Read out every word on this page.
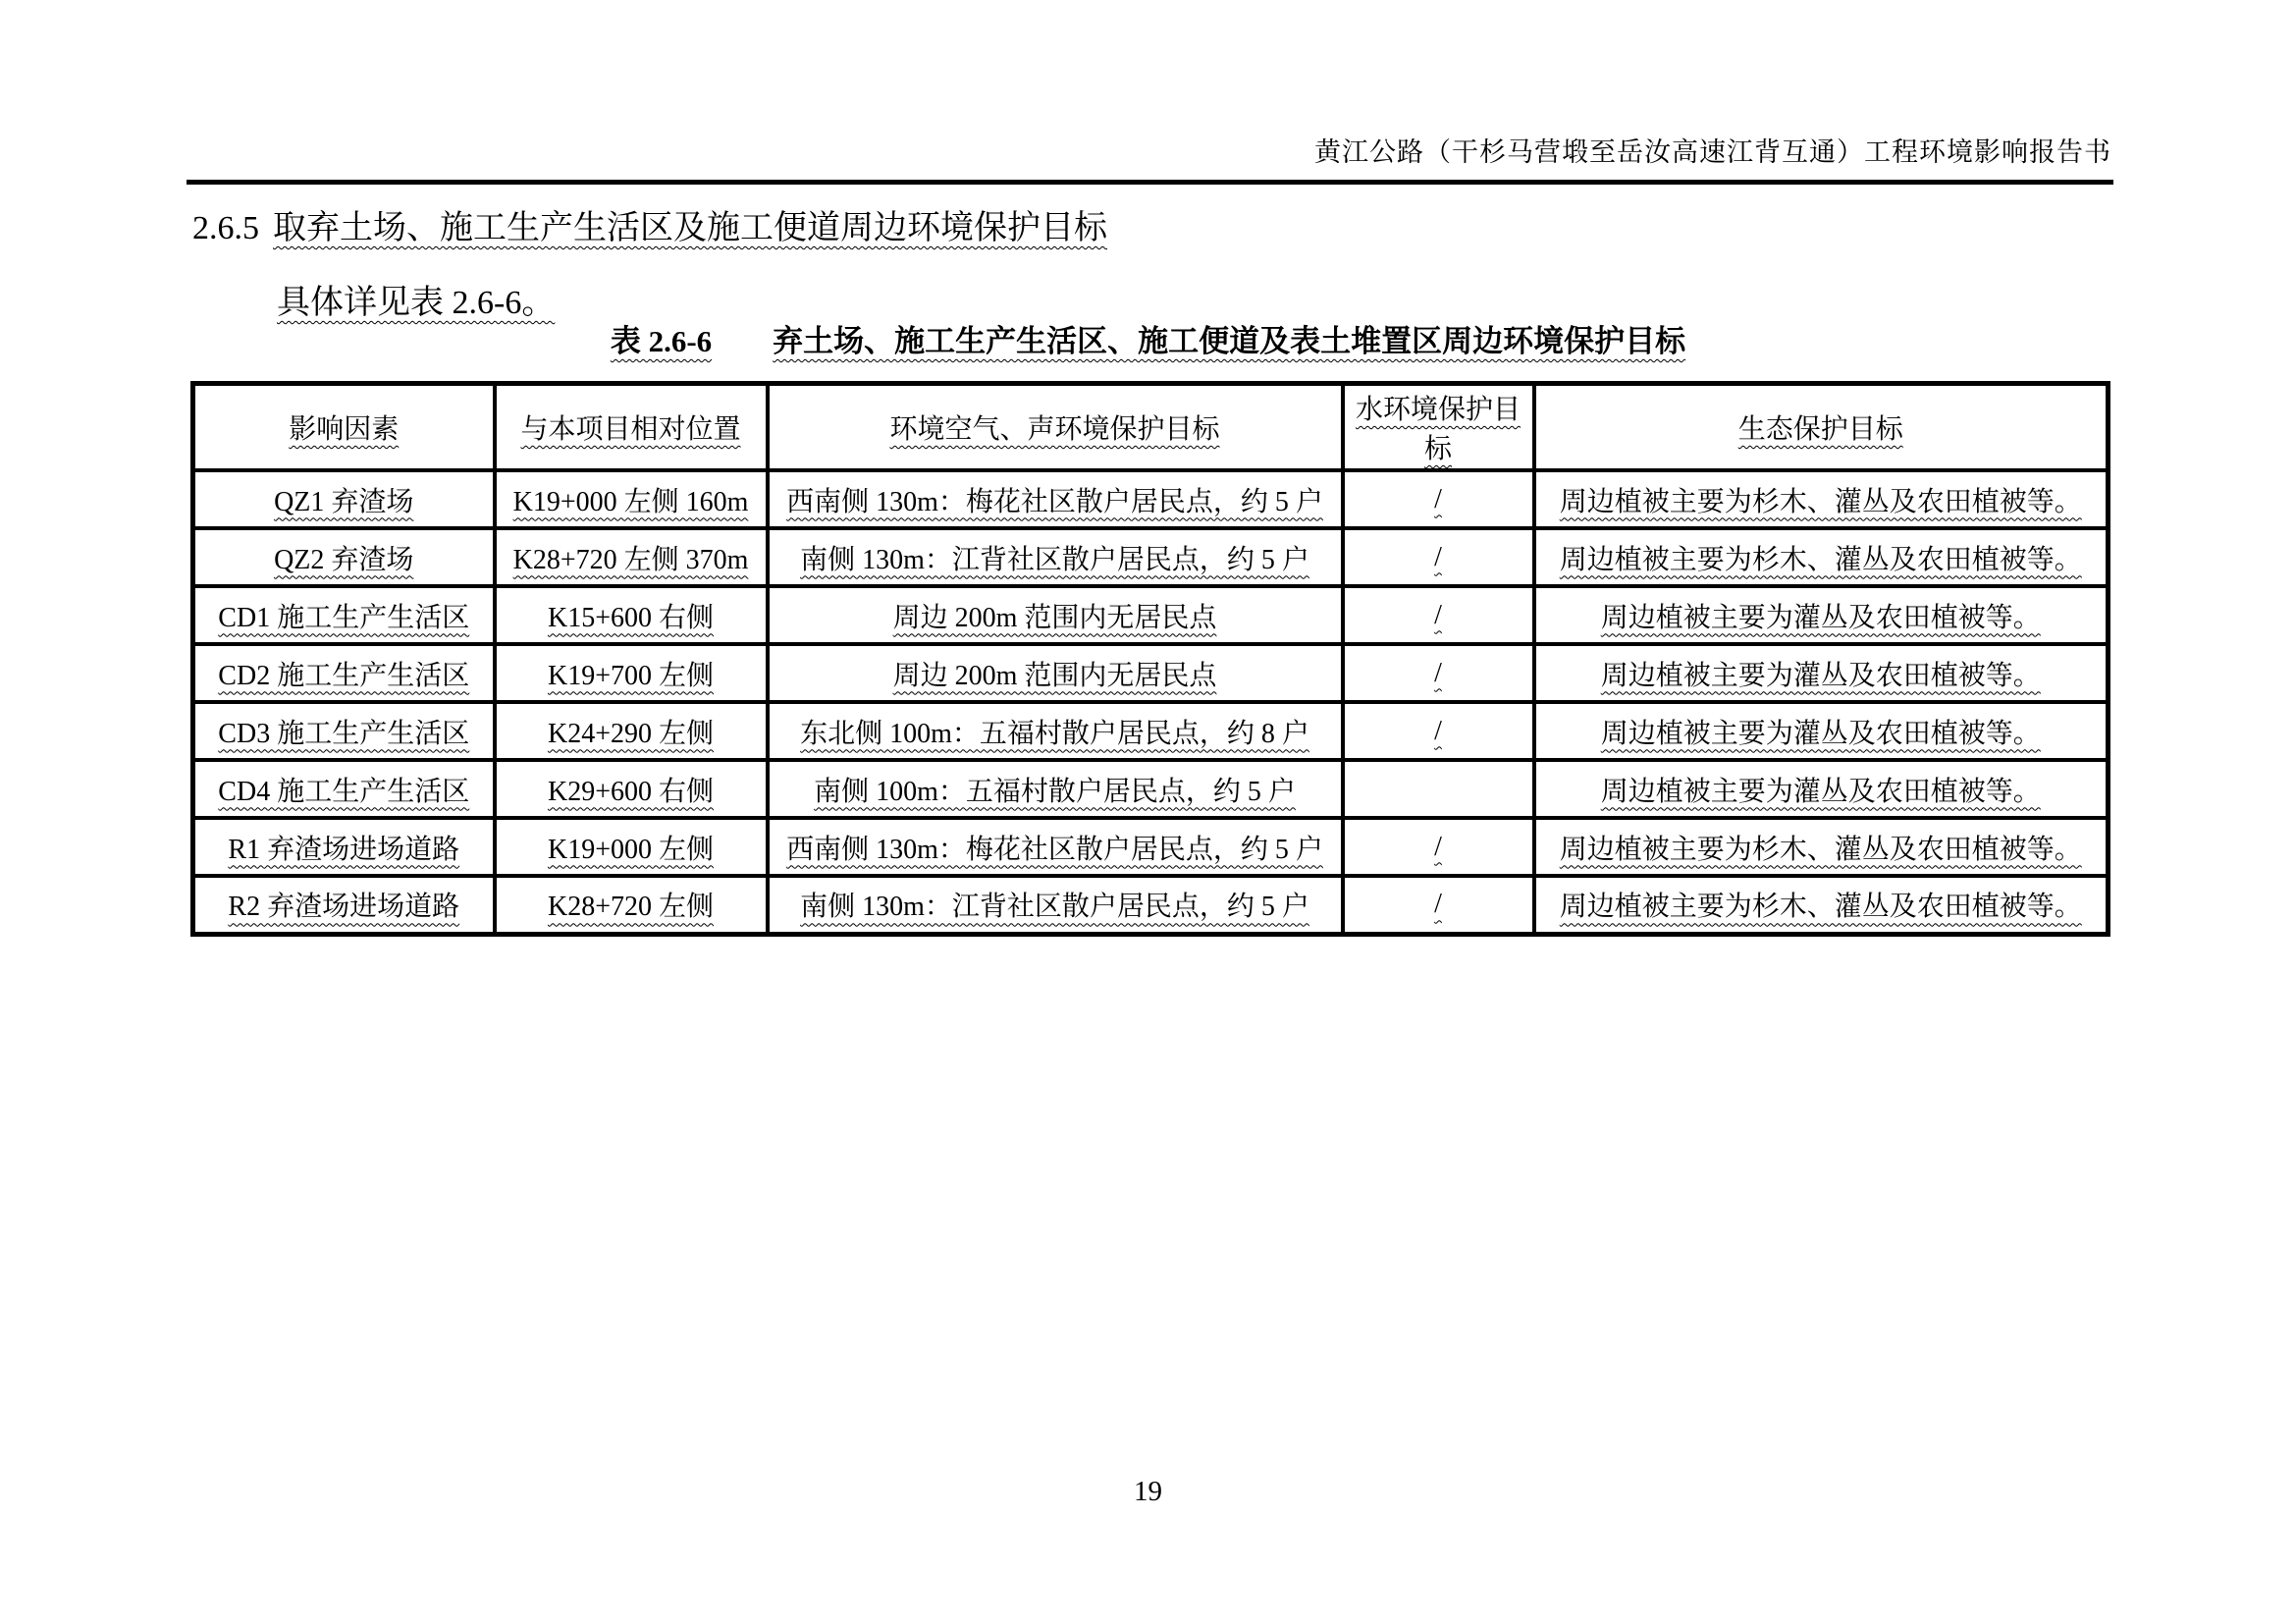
黄江公路（干杉马营塅至岳汝高速江背互通）工程环境影响报告书
2.6.5 取弃土场、施工生产生活区及施工便道周边环境保护目标
具体详见表 2.6-6。
表 2.6-6 弃土场、施工生产生活区、施工便道及表土堆置区周边环境保护目标
影响因素	与本项目相对位置	环境空气、声环境保护目标	水环境保护目标	生态保护目标
QZ1 弃渣场	K19+000 左侧 160m	西南侧 130m：梅花社区散户居民点，约 5 户	/	周边植被主要为杉木、灌丛及农田植被等。
QZ2 弃渣场	K28+720 左侧 370m	南侧 130m：江背社区散户居民点，约 5 户	/	周边植被主要为杉木、灌丛及农田植被等。
CD1 施工生产生活区	K15+600 右侧	周边 200m 范围内无居民点	/	周边植被主要为灌丛及农田植被等。
CD2 施工生产生活区	K19+700 左侧	周边 200m 范围内无居民点	/	周边植被主要为灌丛及农田植被等。
CD3 施工生产生活区	K24+290 左侧	东北侧 100m：五福村散户居民点，约 8 户	/	周边植被主要为灌丛及农田植被等。
CD4 施工生产生活区	K29+600 右侧	南侧 100m：五福村散户居民点，约 5 户		周边植被主要为灌丛及农田植被等。
R1 弃渣场进场道路	K19+000 左侧	西南侧 130m：梅花社区散户居民点，约 5 户	/	周边植被主要为杉木、灌丛及农田植被等。
R2 弃渣场进场道路	K28+720 左侧	南侧 130m：江背社区散户居民点，约 5 户	/	周边植被主要为杉木、灌丛及农田植被等。
19
